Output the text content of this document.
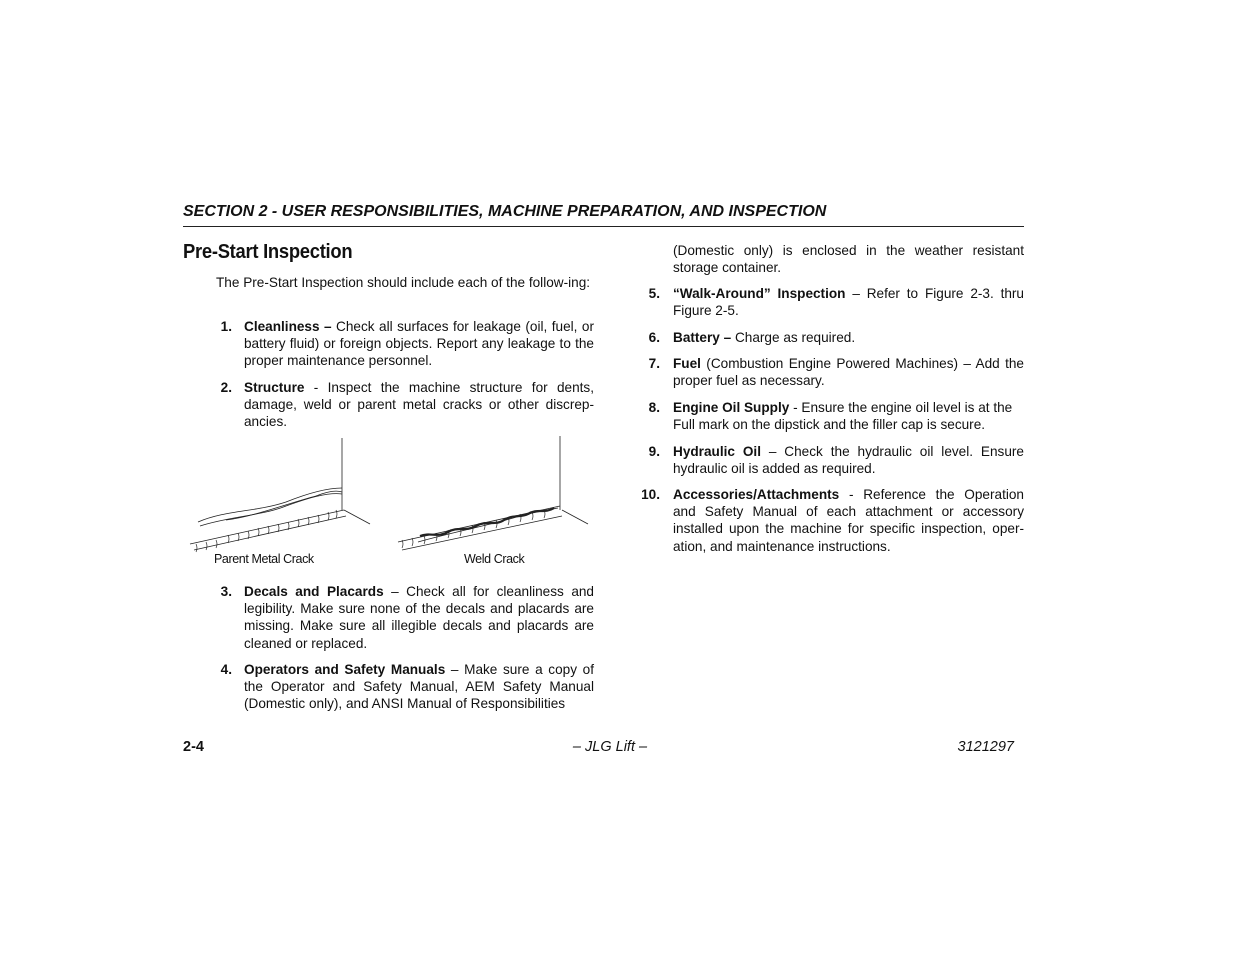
SECTION 2 - USER RESPONSIBILITIES, MACHINE PREPARATION, AND INSPECTION
Pre-Start Inspection
The Pre-Start Inspection should include each of the follow-ing:
1. Cleanliness – Check all surfaces for leakage (oil, fuel, or battery fluid) or foreign objects. Report any leakage to the proper maintenance personnel.
2. Structure - Inspect the machine structure for dents, damage, weld or parent metal cracks or other discrep-ancies.
Parent Metal Crack	Weld Crack
3. Decals and Placards – Check all for cleanliness and legibility. Make sure none of the decals and placards are missing. Make sure all illegible decals and placards are cleaned or replaced.
4. Operators and Safety Manuals – Make sure a copy of the Operator and Safety Manual, AEM Safety Manual (Domestic only), and ANSI Manual of Responsibilities
(Domestic only) is enclosed in the weather resistant storage container.
5. “Walk-Around” Inspection – Refer to Figure 2-3. thru Figure 2-5.
6. Battery – Charge as required.
7. Fuel (Combustion Engine Powered Machines) – Add the proper fuel as necessary.
8. Engine Oil Supply - Ensure the engine oil level is at the Full mark on the dipstick and the filler cap is secure.
9. Hydraulic Oil – Check the hydraulic oil level. Ensure hydraulic oil is added as required.
10. Accessories/Attachments - Reference the Operation and Safety Manual of each attachment or accessory installed upon the machine for specific inspection, oper-ation, and maintenance instructions.
2-4	– JLG Lift –	3121297
